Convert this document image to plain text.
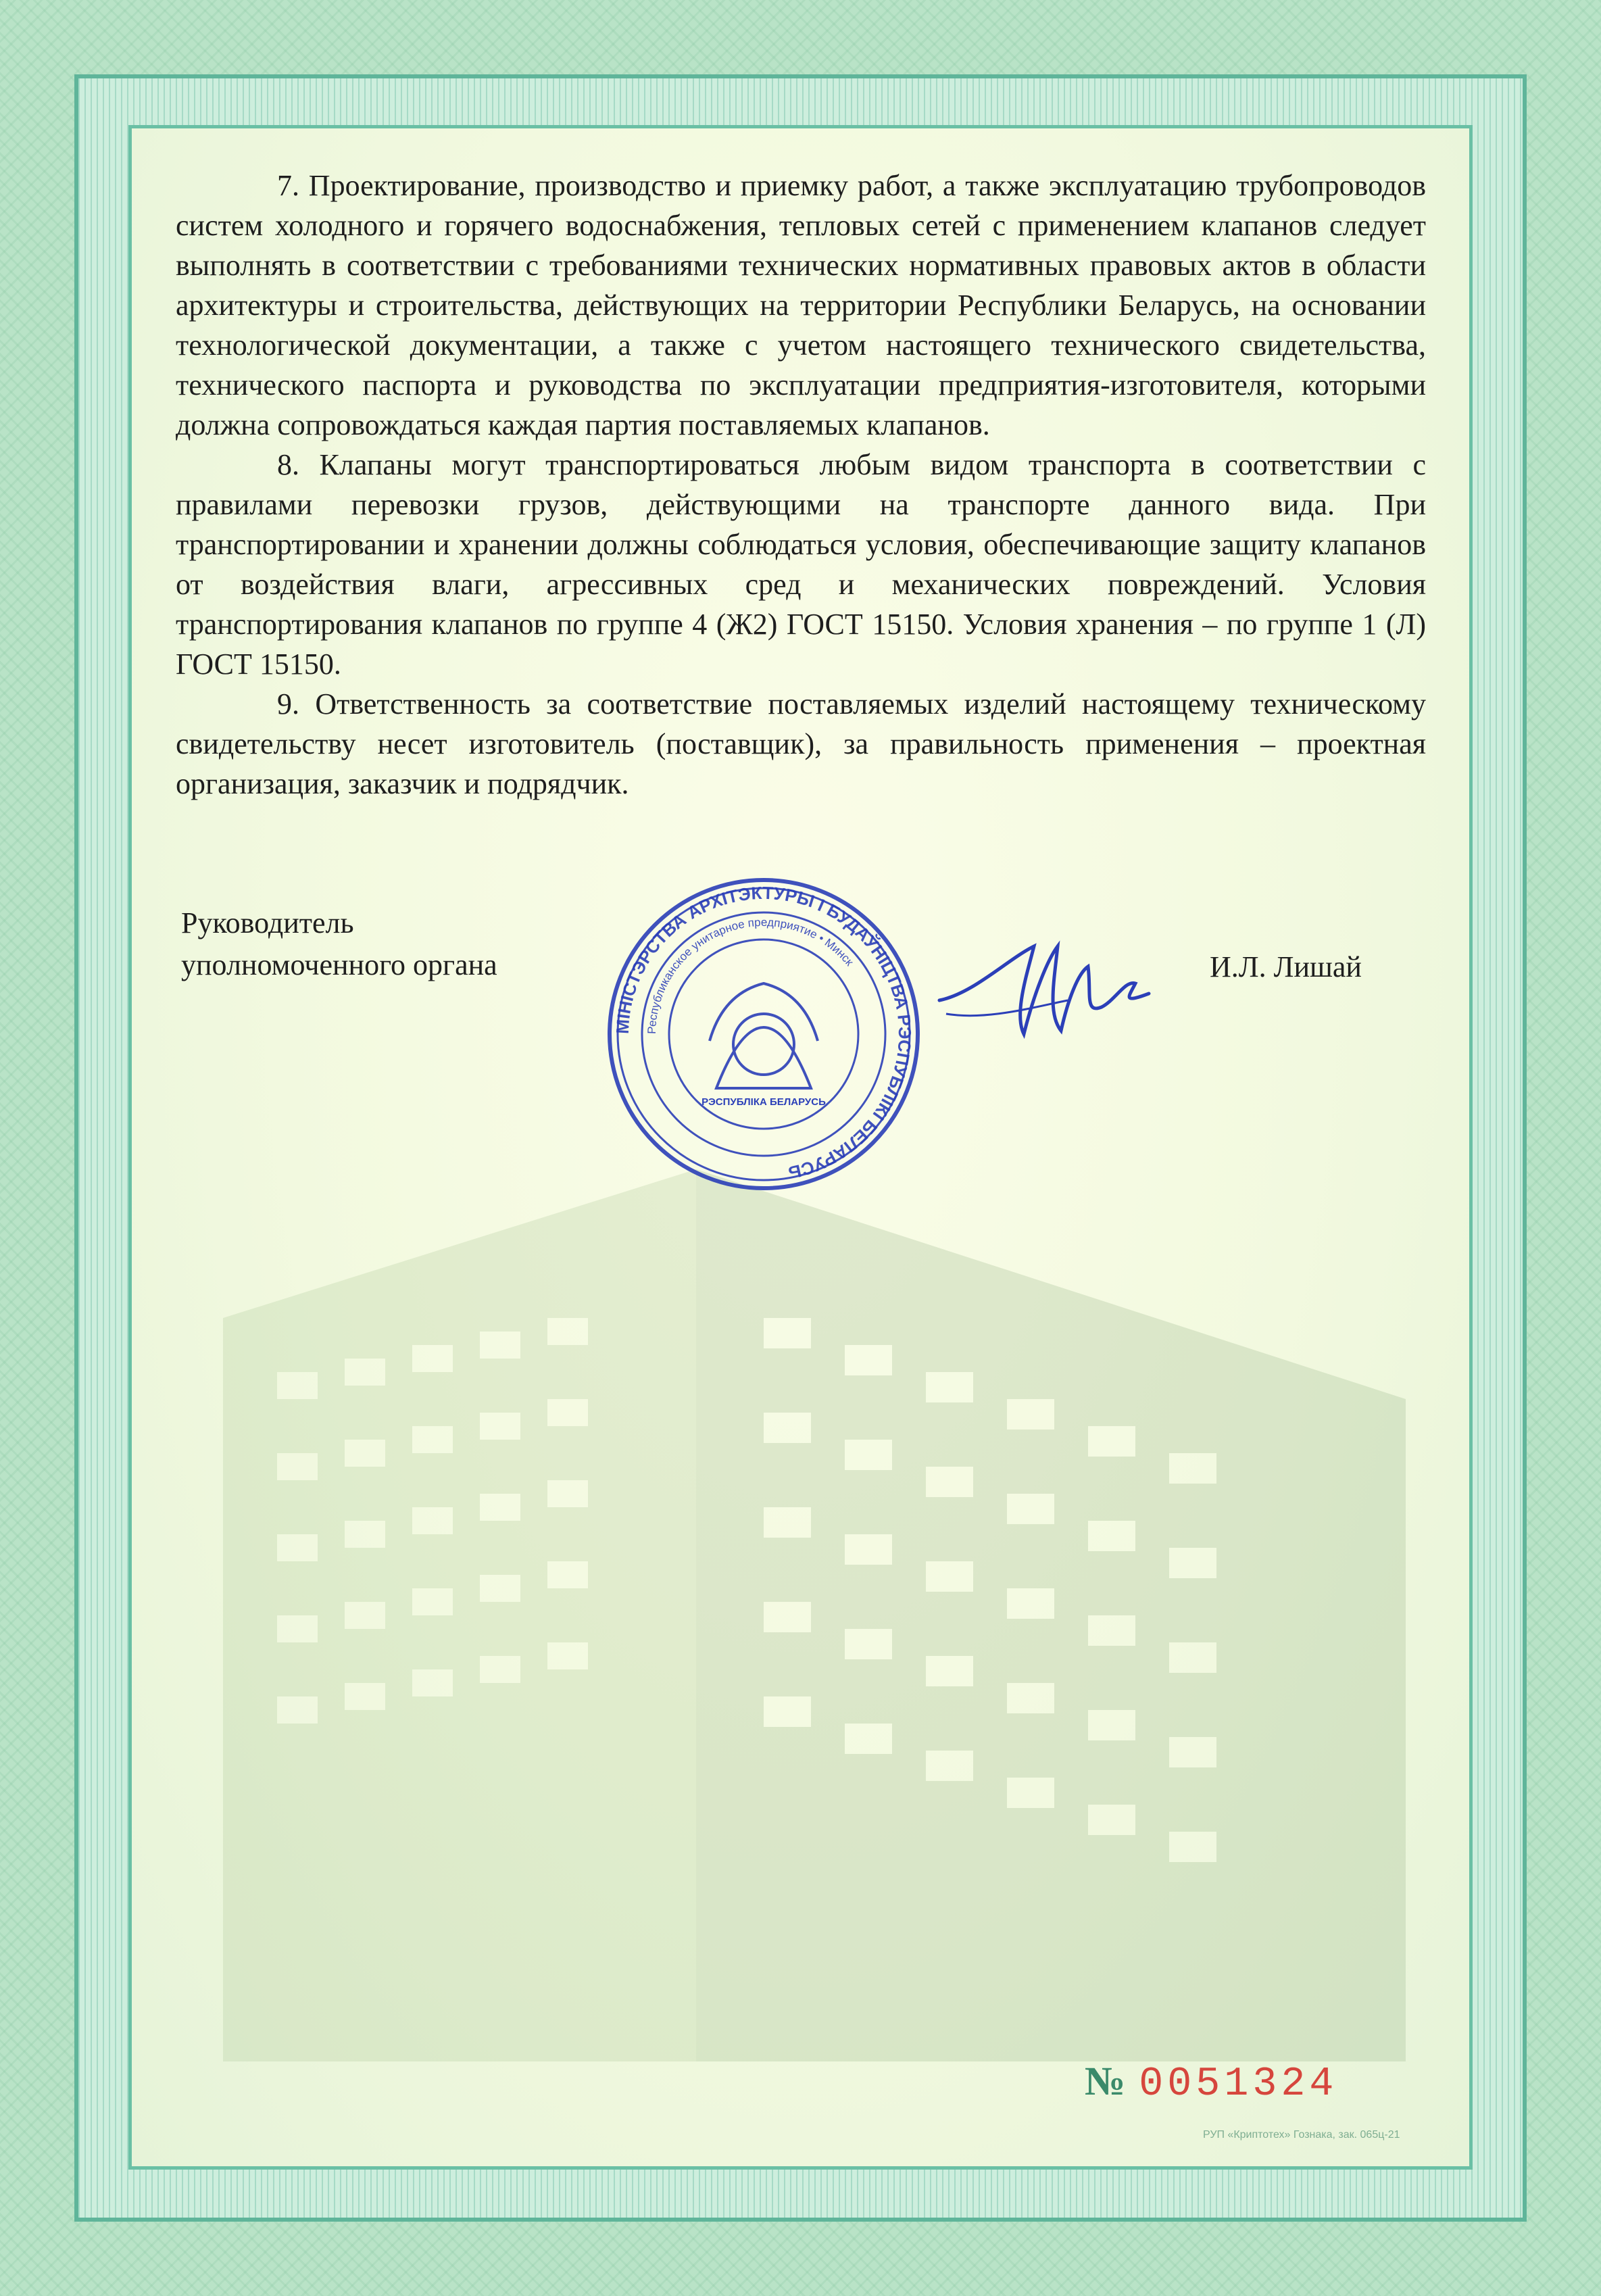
7. Проектирование, производство и приемку работ, а также эксплуатацию трубопроводов систем холодного и горячего водоснабжения, тепловых сетей с применением клапанов следует выполнять в соответствии с требованиями технических нормативных правовых актов в области архитектуры и строительства, действующих на территории Республики Беларусь, на основании технологической документации, а также с учетом настоящего технического свидетельства, технического паспорта и руководства по эксплуатации предприятия-изготовителя, которыми должна сопровождаться каждая партия поставляемых клапанов.

8. Клапаны могут транспортироваться любым видом транспорта в соответствии с правилами перевозки грузов, действующими на транспорте данного вида. При транспортировании и хранении должны соблюдаться условия, обеспечивающие защиту клапанов от воздействия влаги, агрессивных сред и механических повреждений. Условия транспортирования клапанов по группе 4 (Ж2) ГОСТ 15150. Условия хранения – по группе 1 (Л) ГОСТ 15150.

9. Ответственность за соответствие поставляемых изделий настоящему техническому свидетельству несет изготовитель (поставщик), за правильность применения – проектная организация, заказчик и подрядчик.

Руководитель
уполномоченного органа
МІНІСТЭРСТВА АРХІТЭКТУРЫ І БУДАЎНІЦТВА РЭСПУБЛІКІ БЕЛАРУСЬ
Республиканское унитарное предприятие • Минск
РЭСПУБЛІКА БЕЛАРУСЬ
И.Л. Лишай
№ 0051324
РУП «Криптотех» Гознака, зак. 065ц-21
